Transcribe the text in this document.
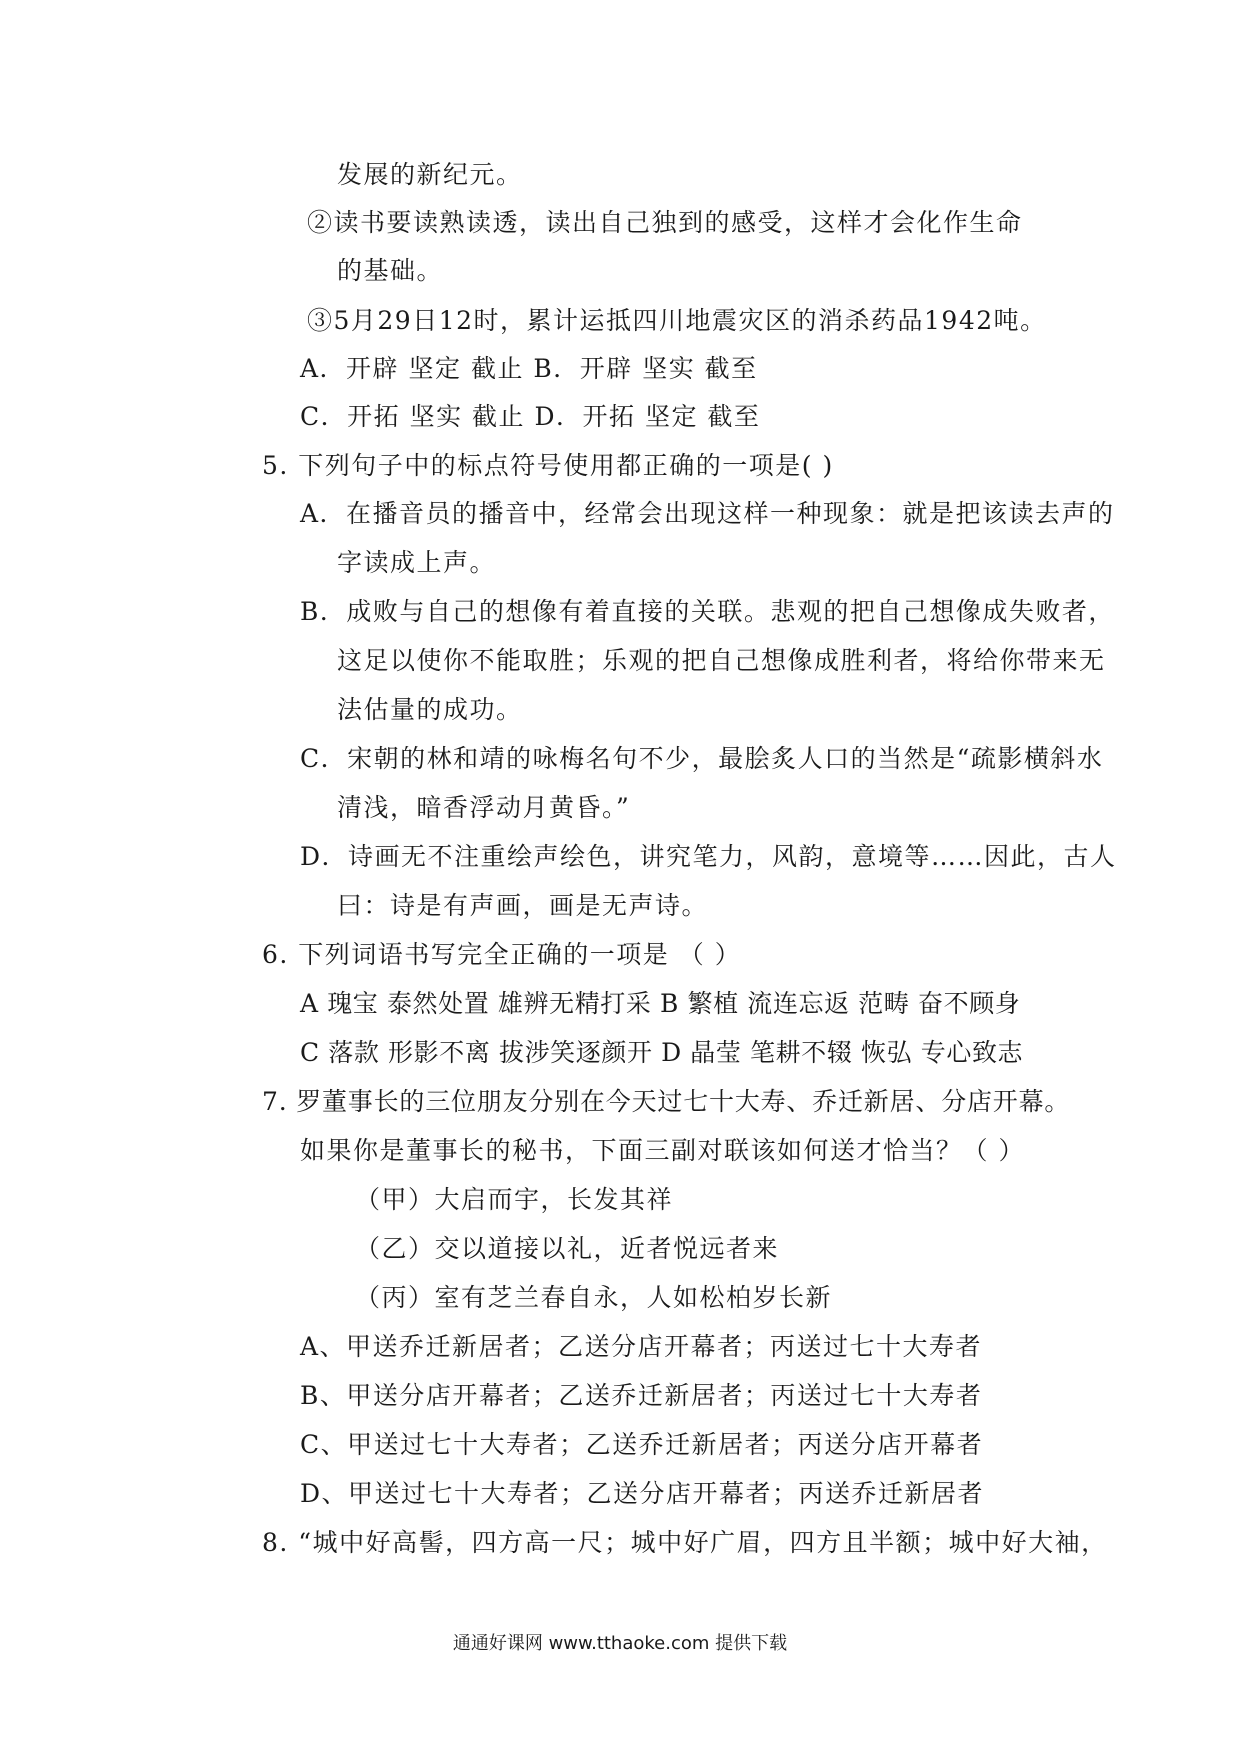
发展的新纪元。
②读书要读熟读透，读出自己独到的感受，这样才会化作生命
的基础。
③5月29日12时，累计运抵四川地震灾区的消杀药品1942吨。
A．开辟 坚定 截止 B．开辟 坚实 截至
C．开拓 坚实 截止 D．开拓 坚定 截至
5. 下列句子中的标点符号使用都正确的一项是( )
A．在播音员的播音中，经常会出现这样一种现象：就是把该读去声的
字读成上声。
B．成败与自己的想像有着直接的关联。悲观的把自己想像成失败者，
这足以使你不能取胜；乐观的把自己想像成胜利者，将给你带来无
法估量的成功。
C．宋朝的林和靖的咏梅名句不少，最脍炙人口的当然是“疏影横斜水
清浅，暗香浮动月黄昏。”
D．诗画无不注重绘声绘色，讲究笔力，风韵，意境等……因此，古人
曰：诗是有声画，画是无声诗。
6. 下列词语书写完全正确的一项是 （ ）
A 瑰宝 泰然处置 雄辨无精打采 B 繁植 流连忘返 范畴 奋不顾身
C 落款 形影不离 拔涉笑逐颜开 D 晶莹 笔耕不辍 恢弘 专心致志
7. 罗董事长的三位朋友分别在今天过七十大寿、乔迁新居、分店开幕。
如果你是董事长的秘书，下面三副对联该如何送才恰当？（ ）
（甲）大启而宇，长发其祥
（乙）交以道接以礼，近者悦远者来
（丙）室有芝兰春自永，人如松柏岁长新
A、甲送乔迁新居者；乙送分店开幕者；丙送过七十大寿者
B、甲送分店开幕者；乙送乔迁新居者；丙送过七十大寿者
C、甲送过七十大寿者；乙送乔迁新居者；丙送分店开幕者
D、甲送过七十大寿者；乙送分店开幕者；丙送乔迁新居者
8. “城中好高髻，四方高一尺；城中好广眉，四方且半额；城中好大袖，
通通好课网 www.tthaoke.com 提供下载
